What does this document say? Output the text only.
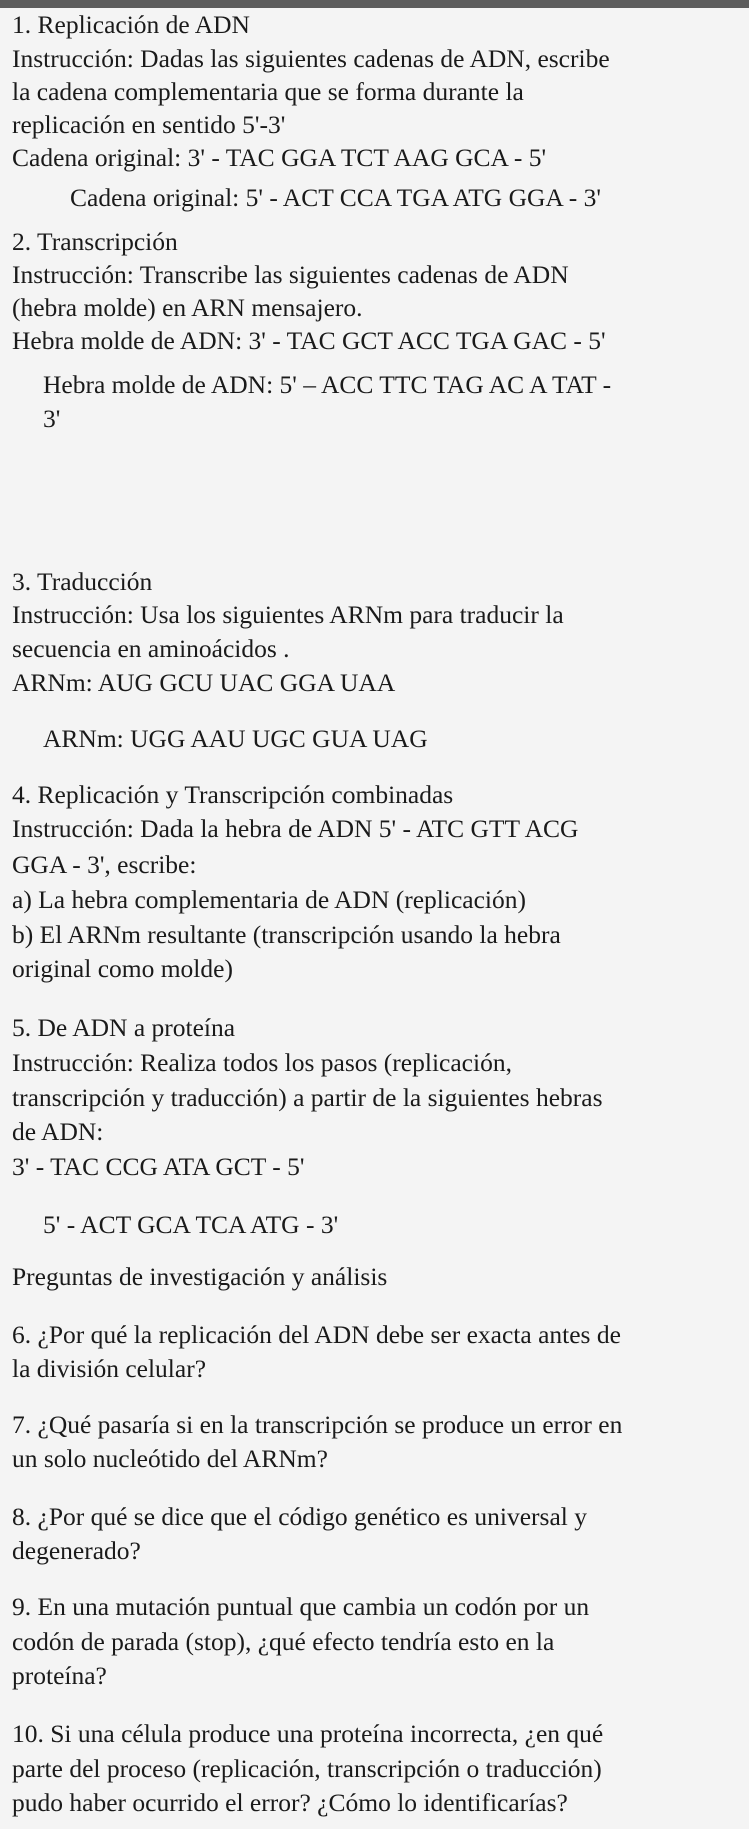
1. Replicación de ADN
Instrucción: Dadas las siguientes cadenas de ADN, escribe
la cadena complementaria que se forma durante la
replicación en sentido 5'-3'
Cadena original: 3' - TAC GGA TCT AAG GCA - 5'
Cadena original: 5' - ACT CCA TGA ATG GGA - 3'
2. Transcripción
Instrucción: Transcribe las siguientes cadenas de ADN
(hebra molde) en ARN mensajero.
Hebra molde de ADN: 3' - TAC GCT ACC TGA GAC - 5'
Hebra molde de ADN: 5' – ACC TTC TAG AC A TAT -
3'
3. Traducción
Instrucción: Usa los siguientes ARNm para traducir la
secuencia en aminoácidos .
ARNm: AUG GCU UAC GGA UAA
ARNm: UGG AAU UGC GUA UAG
4. Replicación y Transcripción combinadas
Instrucción: Dada la hebra de ADN 5' - ATC GTT ACG
GGA - 3', escribe:
a) La hebra complementaria de ADN (replicación)
b) El ARNm resultante (transcripción usando la hebra
original como molde)
5. De ADN a proteína
Instrucción: Realiza todos los pasos (replicación,
transcripción y traducción) a partir de la siguientes hebras
de ADN:
3' - TAC CCG ATA GCT - 5'
5' - ACT GCA TCA ATG - 3'
Preguntas de investigación y análisis
6. ¿Por qué la replicación del ADN debe ser exacta antes de
la división celular?
7. ¿Qué pasaría si en la transcripción se produce un error en
un solo nucleótido del ARNm?
8. ¿Por qué se dice que el código genético es universal y
degenerado?
9. En una mutación puntual que cambia un codón por un
codón de parada (stop), ¿qué efecto tendría esto en la
proteína?
10. Si una célula produce una proteína incorrecta, ¿en qué
parte del proceso (replicación, transcripción o traducción)
pudo haber ocurrido el error? ¿Cómo lo identificarías?
